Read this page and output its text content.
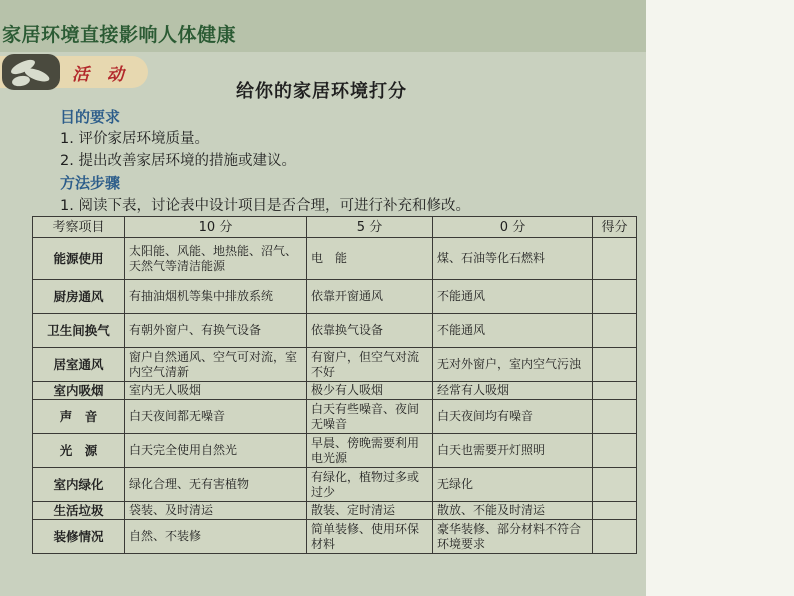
家居环境直接影响人体健康
活 动
给你的家居环境打分
目的要求
1. 评价家居环境质量。
2. 提出改善家居环境的措施或建议。
方法步骤
1. 阅读下表，讨论表中设计项目是否合理，可进行补充和修改。
考察项目	10 分	5 分	0 分	得分
能源使用	太阳能、风能、地热能、沼气、天然气等清洁能源	电　能	煤、石油等化石燃料	
厨房通风	有抽油烟机等集中排放系统	依靠开窗通风	不能通风	
卫生间换气	有朝外窗户、有换气设备	依靠换气设备	不能通风	
居室通风	窗户自然通风、空气可对流，室内空气清新	有窗户，但空气对流不好	无对外窗户，室内空气污浊	
室内吸烟	室内无人吸烟	极少有人吸烟	经常有人吸烟	
声　音	白天夜间都无噪音	白天有些噪音、夜间无噪音	白天夜间均有噪音	
光　源	白天完全使用自然光	早晨、傍晚需要利用电光源	白天也需要开灯照明	
室内绿化	绿化合理、无有害植物	有绿化，植物过多或过少	无绿化	
生活垃圾	袋装、及时清运	散装、定时清运	散放、不能及时清运	
装修情况	自然、不装修	简单装修、使用环保材料	豪华装修、部分材料不符合环境要求	
